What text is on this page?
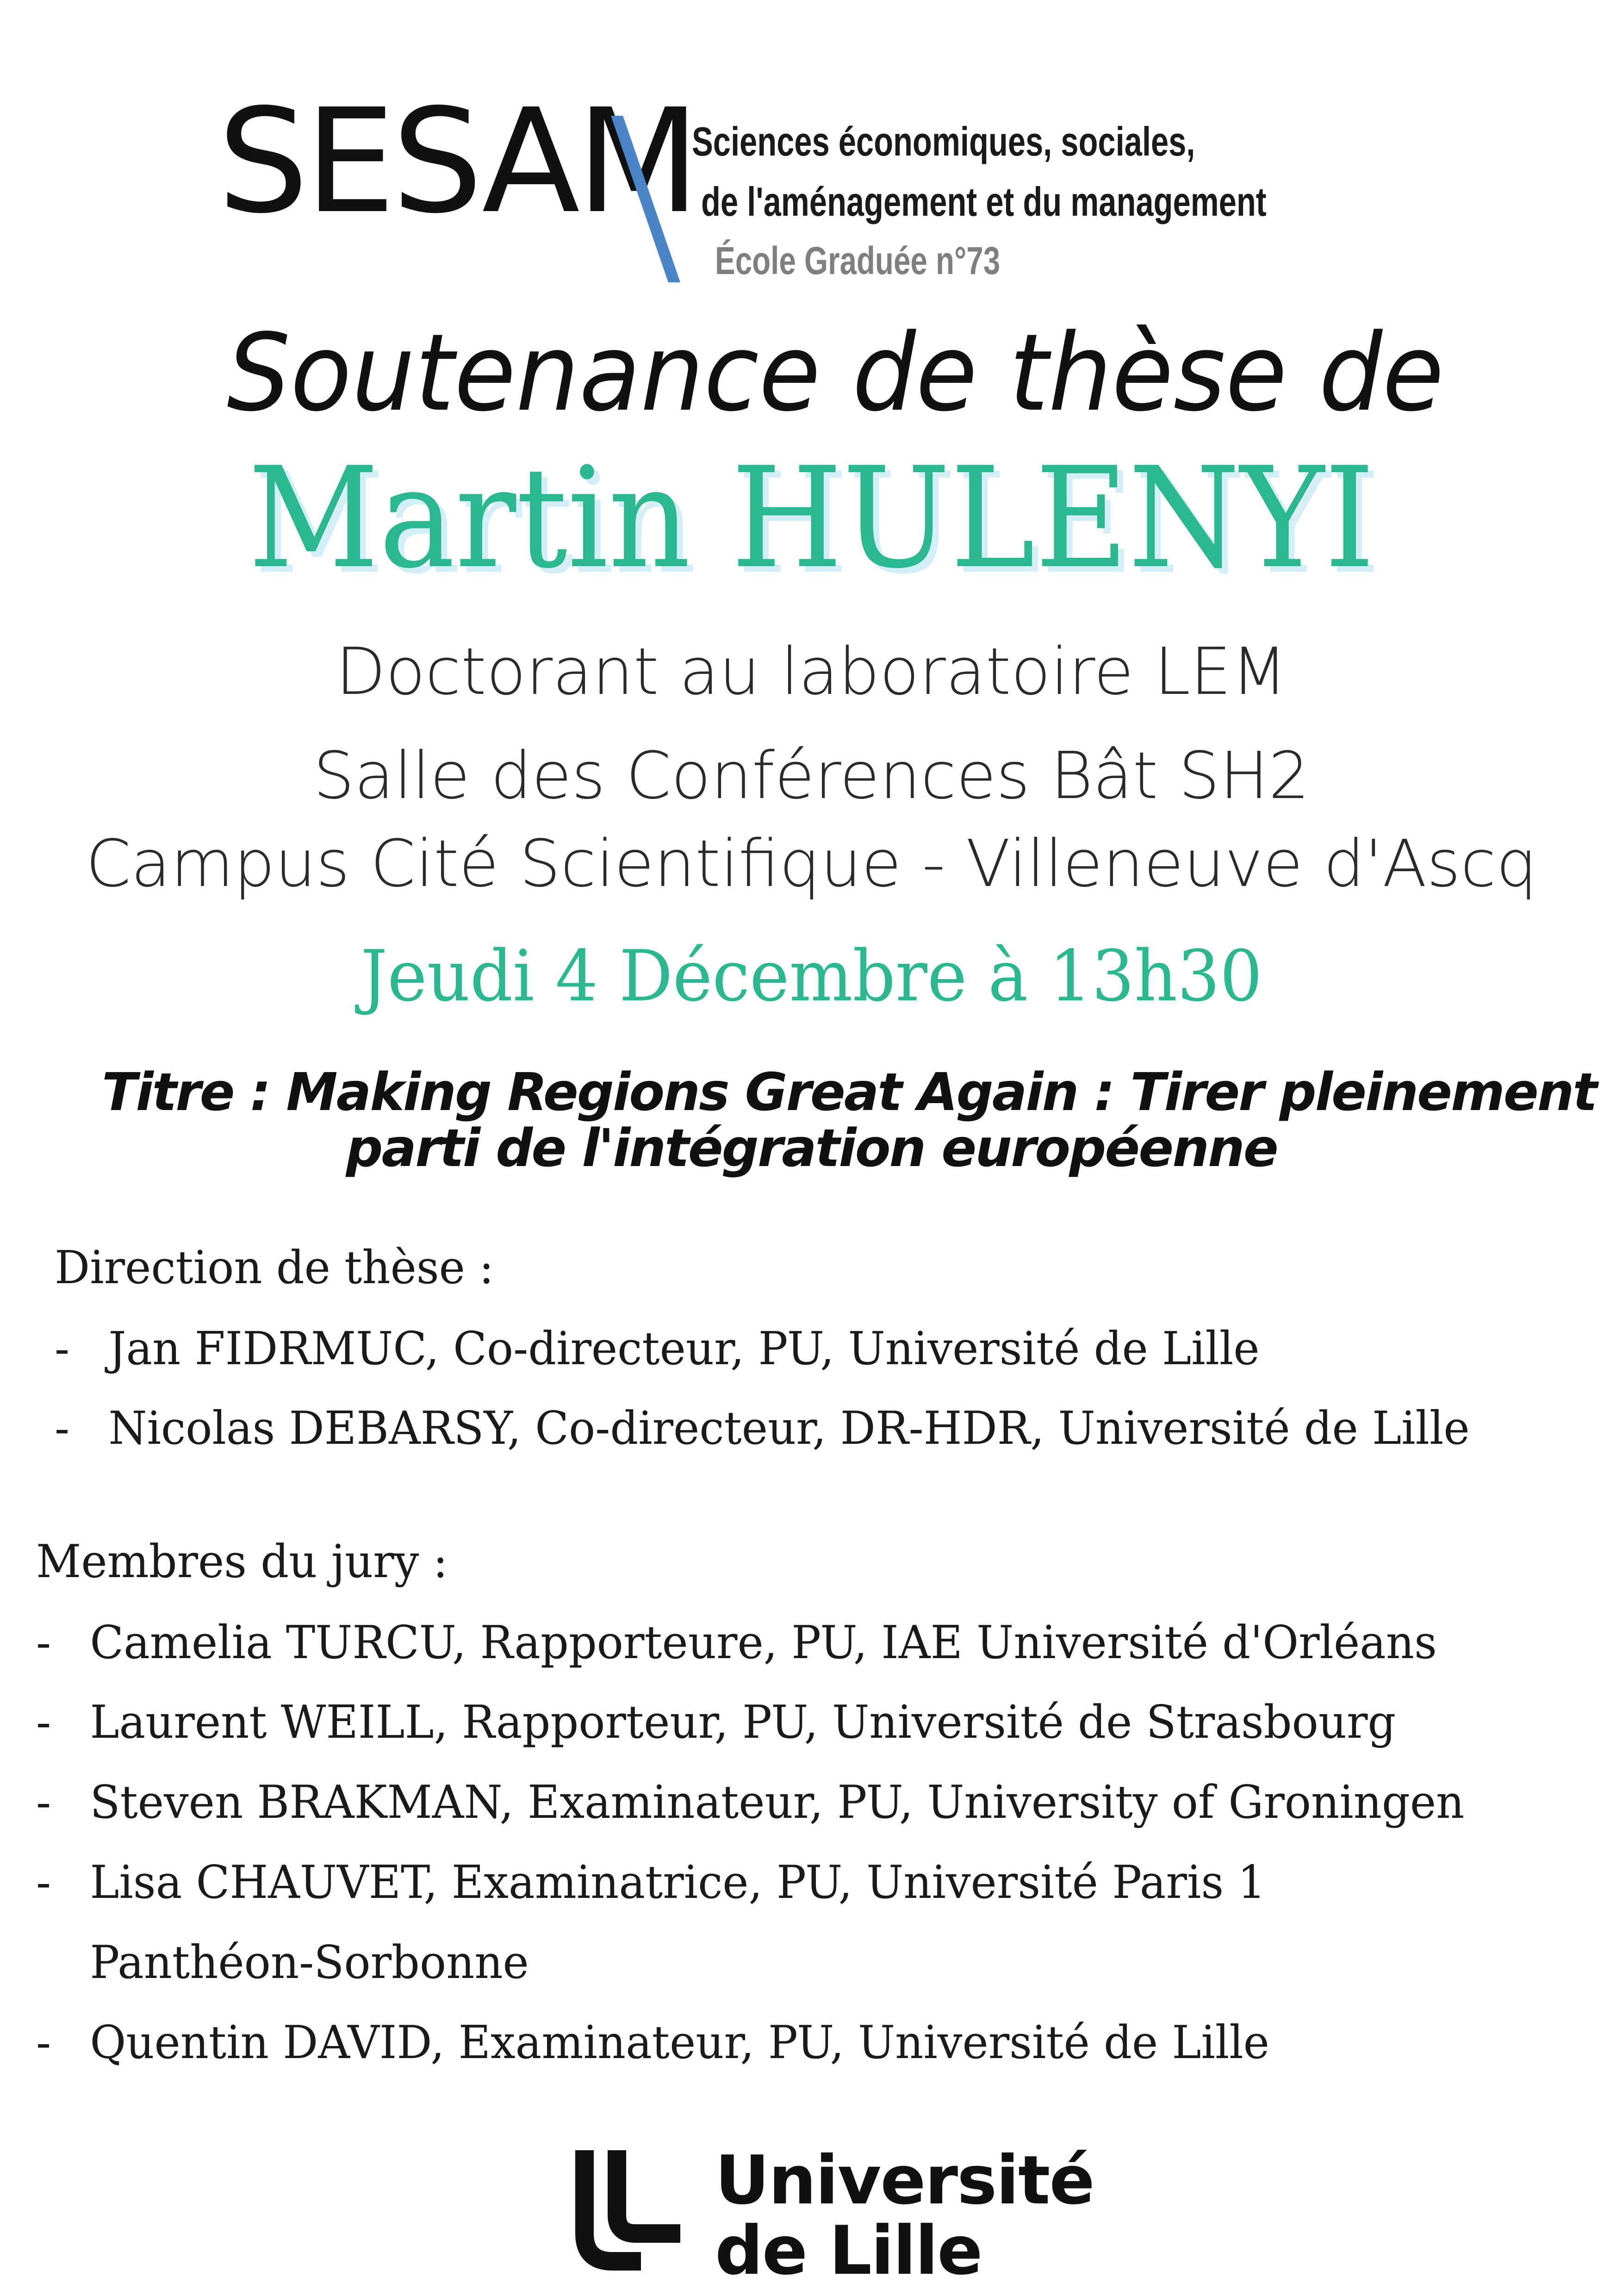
SESAM
Sciences économiques, sociales,
de l'aménagement et du management
École Graduée n°73
Soutenance de thèse de
Martin HULENYI
Doctorant au laboratoire LEM
Salle des Conférences Bât SH2
Campus Cité Scientifique - Villeneuve d'Ascq
Jeudi 4 Décembre à 13h30
Titre : Making Regions Great Again : Tirer pleinement
parti de l'intégration européenne
Direction de thèse :
- Jan FIDRMUC, Co-directeur, PU, Université de Lille
- Nicolas DEBARSY, Co-directeur, DR-HDR, Université de Lille
Membres du jury :
- Camelia TURCU, Rapporteure, PU, IAE Université d'Orléans
- Laurent WEILL, Rapporteur, PU, Université de Strasbourg
- Steven BRAKMAN, Examinateur, PU, University of Groningen
- Lisa CHAUVET, Examinatrice, PU, Université Paris 1
Panthéon-Sorbonne
- Quentin DAVID, Examinateur, PU, Université de Lille
Université
de Lille
